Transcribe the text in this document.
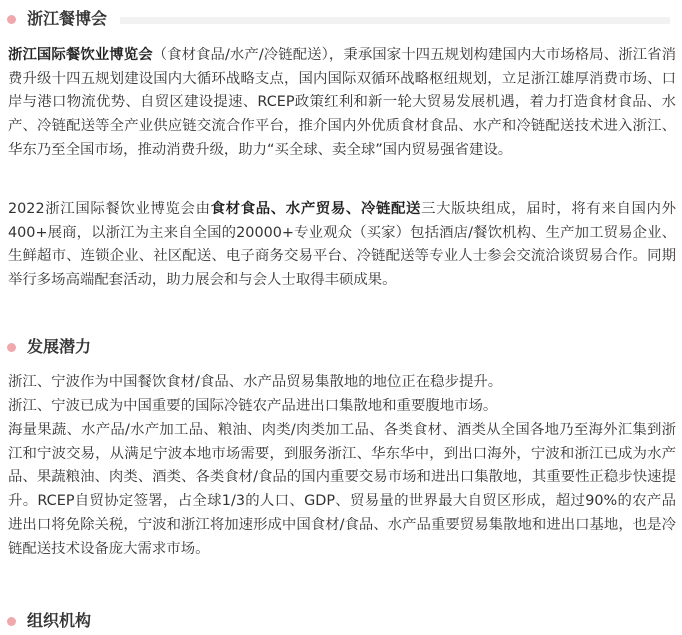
浙江餐博会

浙江国际餐饮业博览会（食材食品/水产/冷链配送），秉承国家十四五规划构建国内大市场格局、浙江省消费升级十四五规划建设国内大循环战略支点，国内国际双循环战略枢纽规划，立足浙江雄厚消费市场、口岸与港口物流优势、自贸区建设提速、RCEP政策红利和新一轮大贸易发展机遇，着力打造食材食品、水产、冷链配送等全产业供应链交流合作平台，推介国内外优质食材食品、水产和冷链配送技术进入浙江、华东乃至全国市场，推动消费升级，助力“买全球、卖全球”国内贸易强省建设。

2022浙江国际餐饮业博览会由食材食品、水产贸易、冷链配送三大版块组成，届时，将有来自国内外400+展商，以浙江为主来自全国的20000+专业观众（买家）包括酒店/餐饮机构、生产加工贸易企业、生鲜超市、连锁企业、社区配送、电子商务交易平台、冷链配送等专业人士参会交流洽谈贸易合作。同期举行多场高端配套活动，助力展会和与会人士取得丰硕成果。

发展潜力

浙江、宁波作为中国餐饮食材/食品、水产品贸易集散地的地位正在稳步提升。

浙江、宁波已成为中国重要的国际冷链农产品进出口集散地和重要腹地市场。

海量果蔬、水产品/水产加工品、粮油、肉类/肉类加工品、各类食材、酒类从全国各地乃至海外汇集到浙江和宁波交易，从满足宁波本地市场需要，到服务浙江、华东华中，到出口海外，宁波和浙江已成为水产品、果蔬粮油、肉类、酒类、各类食材/食品的国内重要交易市场和进出口集散地，其重要性正稳步快速提升。RCEP自贸协定签署，占全球1/3的人口、GDP、贸易量的世界最大自贸区形成，超过90%的农产品进出口将免除关税，宁波和浙江将加速形成中国食材/食品、水产品重要贸易集散地和进出口基地，也是冷链配送技术设备庞大需求市场。

组织机构
